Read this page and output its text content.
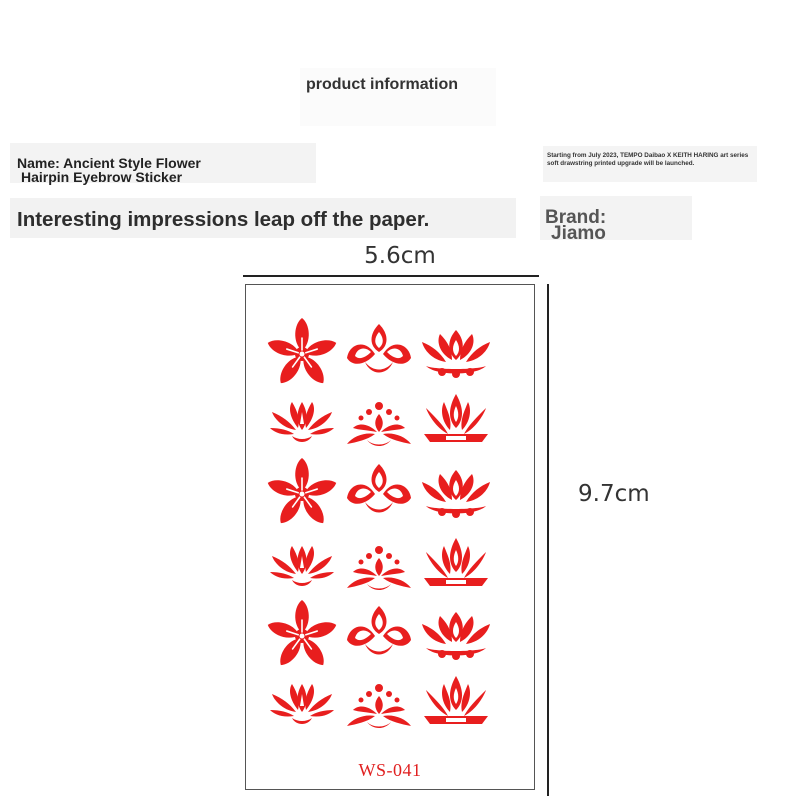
product information
Name: Ancient Style Flower
Hairpin Eyebrow Sticker
Starting from July 2023, TEMPO Daibao X KEITH HARING art series soft drawstring printed upgrade will be launched.
Interesting impressions leap off the paper.	Brand:
Jiamo
5.6cm
9.7cm
WS-041
